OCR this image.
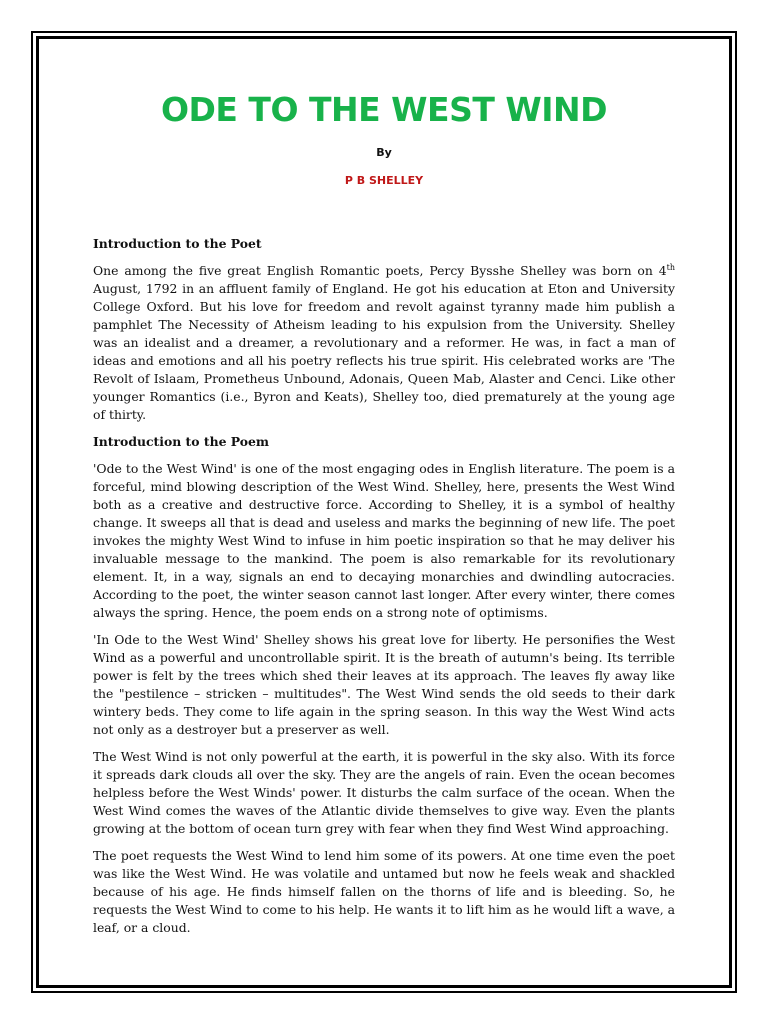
ODE TO THE WEST WIND
By
P B SHELLEY
Introduction to the Poet

One among the five great English Romantic poets, Percy Bysshe Shelley was born on 4th August, 1792 in an affluent family of England. He got his education at Eton and University College Oxford. But his love for freedom and revolt against tyranny made him publish a pamphlet The Necessity of Atheism leading to his expulsion from the University. Shelley was an idealist and a dreamer, a revolutionary and a reformer. He was, in fact a man of ideas and emotions and all his poetry reflects his true spirit. His celebrated works are 'The Revolt of Islaam, Prometheus Unbound, Adonais, Queen Mab, Alaster and Cenci. Like other younger Romantics (i.e., Byron and Keats), Shelley too, died prematurely at the young age of thirty.

Introduction to the Poem

'Ode to the West Wind' is one of the most engaging odes in English literature. The poem is a forceful, mind blowing description of the West Wind. Shelley, here, presents the West Wind both as a creative and destructive force. According to Shelley, it is a symbol of healthy change. It sweeps all that is dead and useless and marks the beginning of new life. The poet invokes the mighty West Wind to infuse in him poetic inspiration so that he may deliver his invaluable message to the mankind. The poem is also remarkable for its revolutionary element. It, in a way, signals an end to decaying monarchies and dwindling autocracies. According to the poet, the winter season cannot last longer. After every winter, there comes always the spring. Hence, the poem ends on a strong note of optimisms.

'In Ode to the West Wind' Shelley shows his great love for liberty. He personifies the West Wind as a powerful and uncontrollable spirit. It is the breath of autumn's being. Its terrible power is felt by the trees which shed their leaves at its approach. The leaves fly away like the "pestilence – stricken – multitudes". The West Wind sends the old seeds to their dark wintery beds. They come to life again in the spring season. In this way the West Wind acts not only as a destroyer but a preserver as well.

The West Wind is not only powerful at the earth, it is powerful in the sky also. With its force it spreads dark clouds all over the sky. They are the angels of rain. Even the ocean becomes helpless before the West Winds' power. It disturbs the calm surface of the ocean. When the West Wind comes the waves of the Atlantic divide themselves to give way. Even the plants growing at the bottom of ocean turn grey with fear when they find West Wind approaching.

The poet requests the West Wind to lend him some of its powers. At one time even the poet was like the West Wind. He was volatile and untamed but now he feels weak and shackled because of his age. He finds himself fallen on the thorns of life and is bleeding. So, he requests the West Wind to come to his help. He wants it to lift him as he would lift a wave, a leaf, or a cloud.
